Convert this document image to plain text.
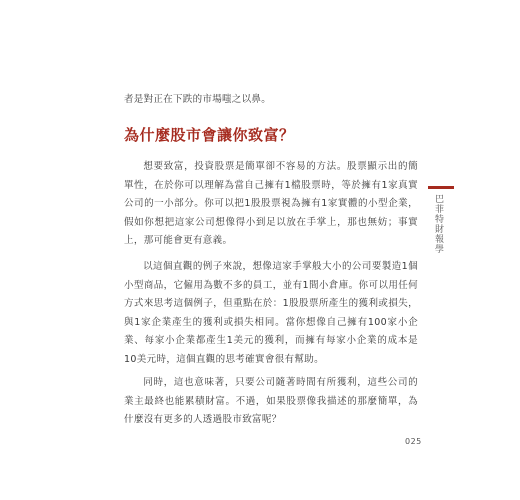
者是對正在下跌的市場嗤之以鼻。
為什麼股市會讓你致富？

想要致富，投資股票是簡單卻不容易的方法。股票顯示出的簡單性，在於你可以理解為當自己擁有1檔股票時，等於擁有1家真實公司的一小部分。你可以把1股股票視為擁有1家實體的小型企業，假如你想把這家公司想像得小到足以放在手掌上，那也無妨；事實上，那可能會更有意義。

以這個直觀的例子來說，想像這家手掌般大小的公司要製造1個小型商品，它僱用為數不多的員工，並有1間小倉庫。你可以用任何方式來思考這個例子，但重點在於：1股股票所產生的獲利或損失，與1家企業產生的獲利或損失相同。當你想像自己擁有100家小企業、每家小企業都產生1美元的獲利，而擁有每家小企業的成本是10美元時，這個直觀的思考確實會很有幫助。

同時，這也意味著，只要公司隨著時間有所獲利，這些公司的業主最終也能累積財富。不過，如果股票像我描述的那麼簡單，為什麼沒有更多的人透過股市致富呢？

巴菲特財報學
025
